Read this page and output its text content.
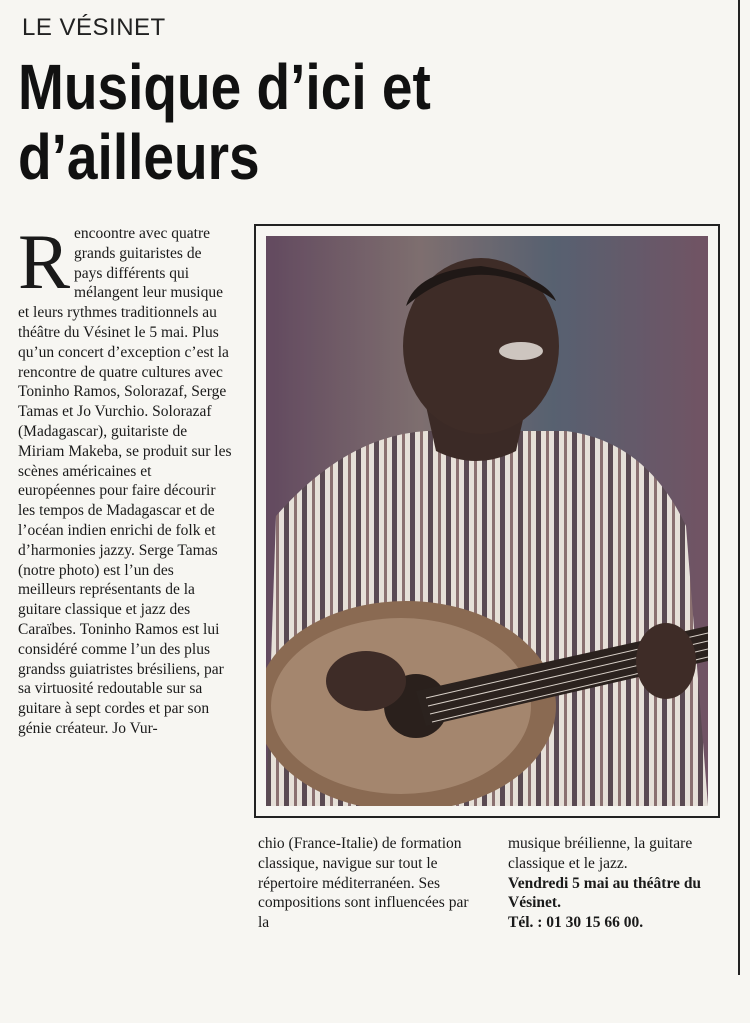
LE VÉSINET
Musique d’ici et d’ailleurs
R encoontre avec quatre grands guitaristes de pays différents qui mélangent leur musique et leurs rythmes traditionnels au théâtre du Vésinet le 5 mai. Plus qu’un concert d’exception c’est la rencontre de quatre cultures avec Toninho Ramos, Solorazaf, Serge Tamas et Jo Vurchio. Solorazaf (Madagascar), guitariste de Miriam Makeba, se produit sur les scènes américaines et européennes pour faire décourir les tempos de Madagascar et de l’océan indien enrichi de folk et d’harmonies jazzy. Serge Tamas (notre photo) est l’un des meilleurs représentants de la guitare classique et jazz des Caraïbes. Toninho Ramos est lui considéré comme l’un des plus grandss guiatristes brésiliens, par sa virtuosité redoutable sur sa guitare à sept cordes et par son génie créateur. Jo Vur-

chio (France-Italie) de formation classique, navigue sur tout le répertoire méditerranéen. Ses compositions sont influencées par la

musique bréilienne, la guitare classique et le jazz.
Vendredi 5 mai au théâtre du Vésinet.
Tél. : 01 30 15 66 00.
